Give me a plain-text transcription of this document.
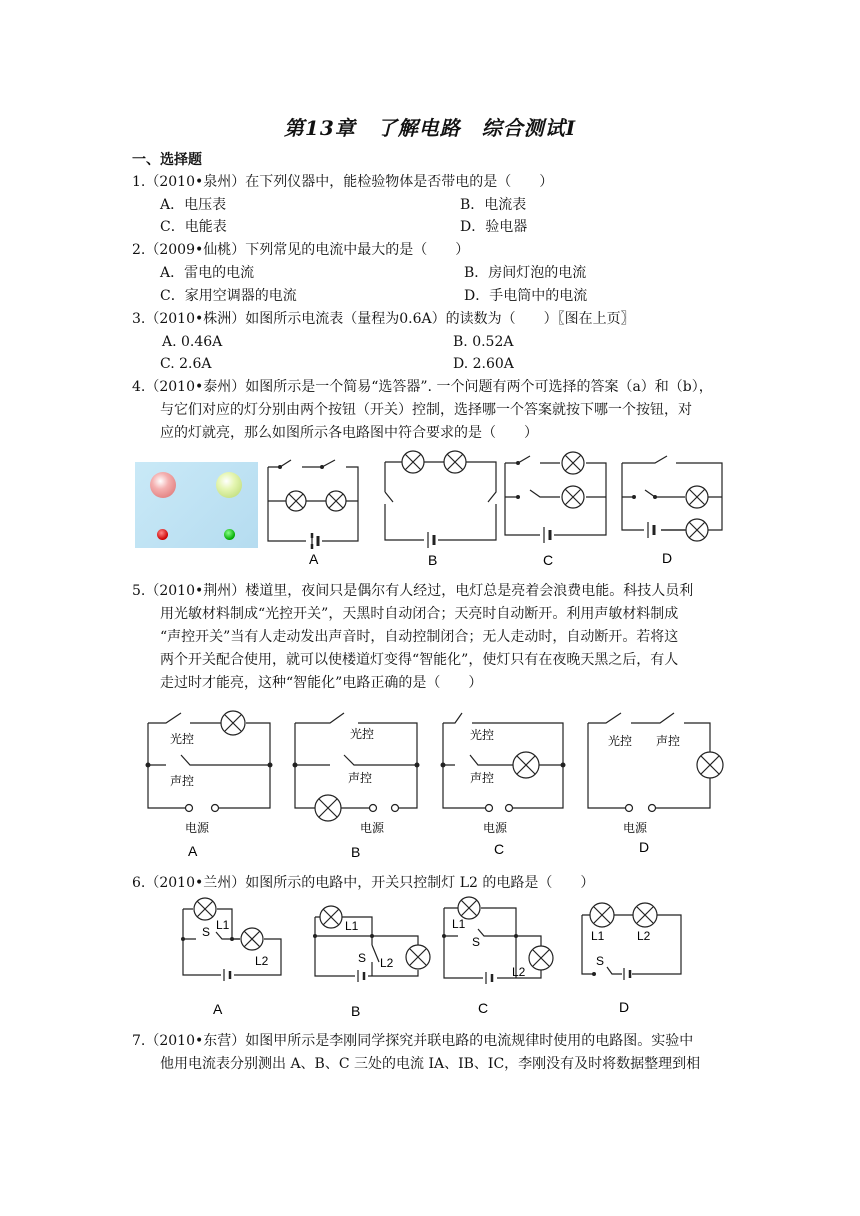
第13章　了解电路　综合测试Ⅰ
一、选择题
1.（2010•泉州）在下列仪器中，能检验物体是否带电的是（　　）
A．电压表	B．电流表
C．电能表	D．验电器
2.（2009•仙桃）下列常见的电流中最大的是（　　）
A．雷电的电流	B．房间灯泡的电流
C．家用空调器的电流	D．手电筒中的电流
3.（2010•株洲）如图所示电流表（量程为0.6A）的读数为（　　）〖图在上页〗
A. 0.46A	B. 0.52A
C. 2.6A	D. 2.60A
4.（2010•泰州）如图所示是一个简易“选答器”. 一个问题有两个可选择的答案（a）和（b），
与它们对应的灯分别由两个按钮（开关）控制，选择哪一个答案就按下哪一个按钮，对
应的灯就亮，那么如图所示各电路图中符合要求的是（　　）
A	B	C	D
5.（2010•荆州）楼道里，夜间只是偶尔有人经过，电灯总是亮着会浪费电能。科技人员利
用光敏材料制成“光控开关”，天黑时自动闭合；天亮时自动断开。利用声敏材料制成
“声控开关”当有人走动发出声音时，自动控制闭合；无人走动时，自动断开。若将这
两个开关配合使用，就可以使楼道灯变得“智能化”，使灯只有在夜晚天黑之后，有人
走过时才能亮，这种“智能化”电路正确的是（　　）
光控
声控
电源
A
光控
声控
电源
B
光控
声控
电源
C
光控 声控
电源
D
6.（2010•兰州）如图所示的电路中，开关只控制灯 L2 的电路是（　　）
S L1
L2
A
L1
S L2
B
L1
S
L2
C
L1	L2
S
D
7.（2010•东营）如图甲所示是李刚同学探究并联电路的电流规律时使用的电路图。实验中
他用电流表分别测出 A、B、C 三处的电流 IA、IB、IC，李刚没有及时将数据整理到相
